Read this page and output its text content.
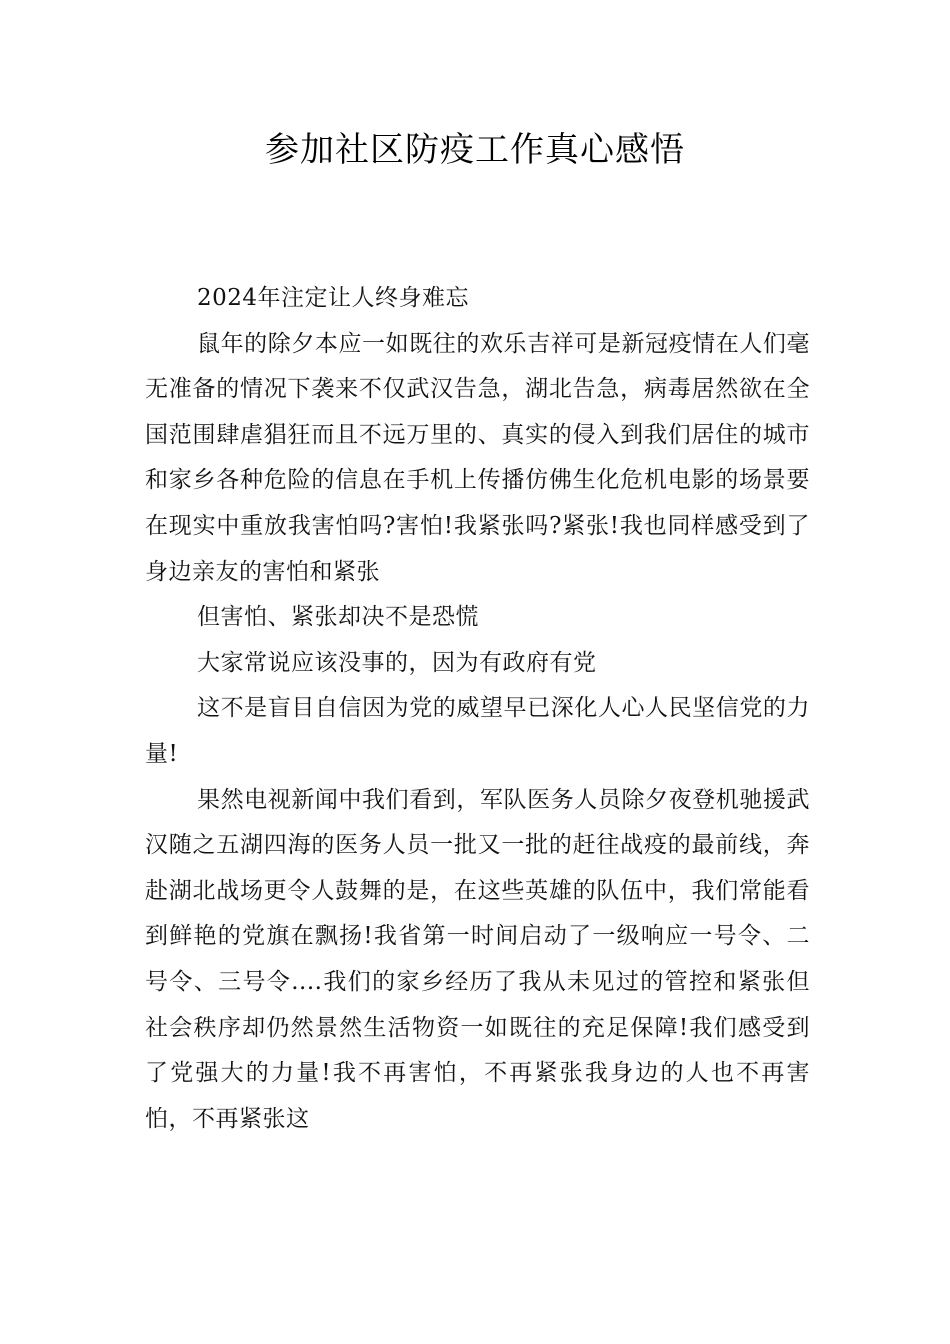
参加社区防疫工作真心感悟

2024年注定让人终身难忘

鼠年的除夕本应一如既往的欢乐吉祥可是新冠疫情在人们毫无准备的情况下袭来不仅武汉告急，湖北告急，病毒居然欲在全国范围肆虐猖狂而且不远万里的、真实的侵入到我们居住的城市和家乡各种危险的信息在手机上传播仿佛生化危机电影的场景要在现实中重放我害怕吗?害怕!我紧张吗?紧张!我也同样感受到了身边亲友的害怕和紧张

但害怕、紧张却决不是恐慌

大家常说应该没事的，因为有政府有党

这不是盲目自信因为党的威望早已深化人心人民坚信党的力量!

果然电视新闻中我们看到，军队医务人员除夕夜登机驰援武汉随之五湖四海的医务人员一批又一批的赶往战疫的最前线，奔赴湖北战场更令人鼓舞的是，在这些英雄的队伍中，我们常能看到鲜艳的党旗在飘扬!我省第一时间启动了一级响应一号令、二号令、三号令....我们的家乡经历了我从未见过的管控和紧张但社会秩序却仍然景然生活物资一如既往的充足保障!我们感受到了党强大的力量!我不再害怕，不再紧张我身边的人也不再害怕，不再紧张这
